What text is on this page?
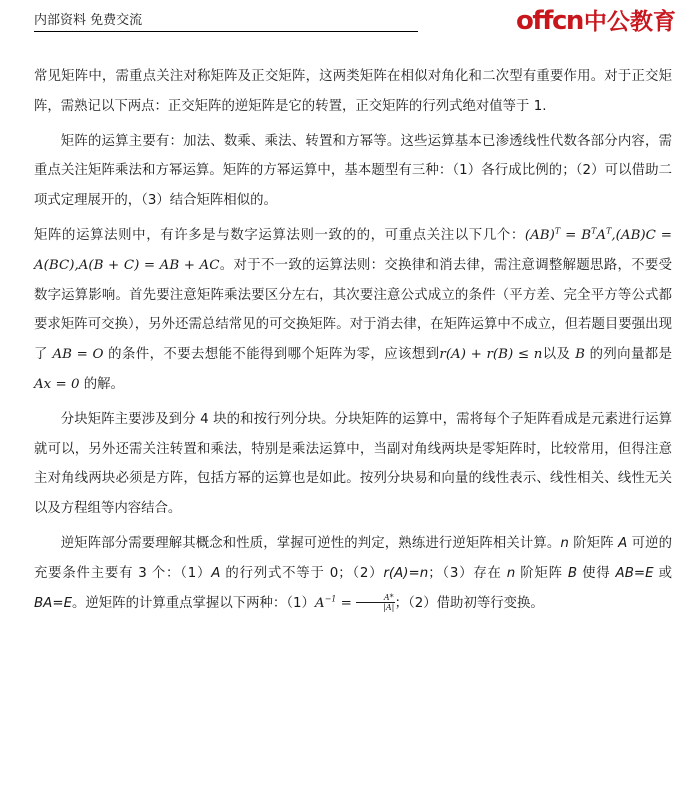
内部资料 免费交流	offcn 中公教育

常见矩阵中，需重点关注对称矩阵及正交矩阵，这两类矩阵在相似对角化和二次型有重要作用。对于正交矩阵，需熟记以下两点：正交矩阵的逆矩阵是它的转置，正交矩阵的行列式绝对值等于 1.

矩阵的运算主要有：加法、数乘、乘法、转置和方幂等。这些运算基本已渗透线性代数各部分内容，需重点关注矩阵乘法和方幂运算。矩阵的方幂运算中，基本题型有三种：（1）各行成比例的；（2）可以借助二项式定理展开的，（3）结合矩阵相似的。

矩阵的运算法则中，有许多是与数字运算法则一致的的，可重点关注以下几个：$(AB)^T = B^TA^T,(AB)C = A(BC),A(B + C)$ = AB + AC。对于不一致的运算法则：交换律和消去律，需注意调整解题思路，不要受数字运算影响。首先要注意矩阵乘法要区分左右，其次要注意公式成立的条件（平方差、完全平方等公式都要求矩阵可交换），另外还需总结常见的可交换矩阵。对于消去律，在矩阵运算中不成立，但若题目要强出现了 AB = O 的条件，不要去想能不能得到哪个矩阵为零，应该想到r(A) + r(B) ≤ n以及 B 的列向量都是 Ax = 0 的解。

分块矩阵主要涉及到分 4 块的和按行列分块。分块矩阵的运算中，需将每个子矩阵看成是元素进行运算就可以，另外还需关注转置和乘法，特别是乘法运算中，当副对角线两块是零矩阵时，比较常用，但得注意主对角线两块必须是方阵，包括方幂的运算也是如此。按列分块易和向量的线性表示、线性相关、线性无关以及方程组等内容结合。

逆矩阵部分需要理解其概念和性质，掌握可逆性的判定，熟练进行逆矩阵相关计算。n 阶矩阵 A 可逆的充要条件主要有 3 个：（1）A 的行列式不等于 0；（2）r(A)=n；（3）存在 n 阶矩阵 B 使得 AB=E 或 BA=E。逆矩阵的计算重点掌握以下两种：$(1)A^{-1} = \frac{A*}{|A|}$ ；（2）借助初等行变换。
